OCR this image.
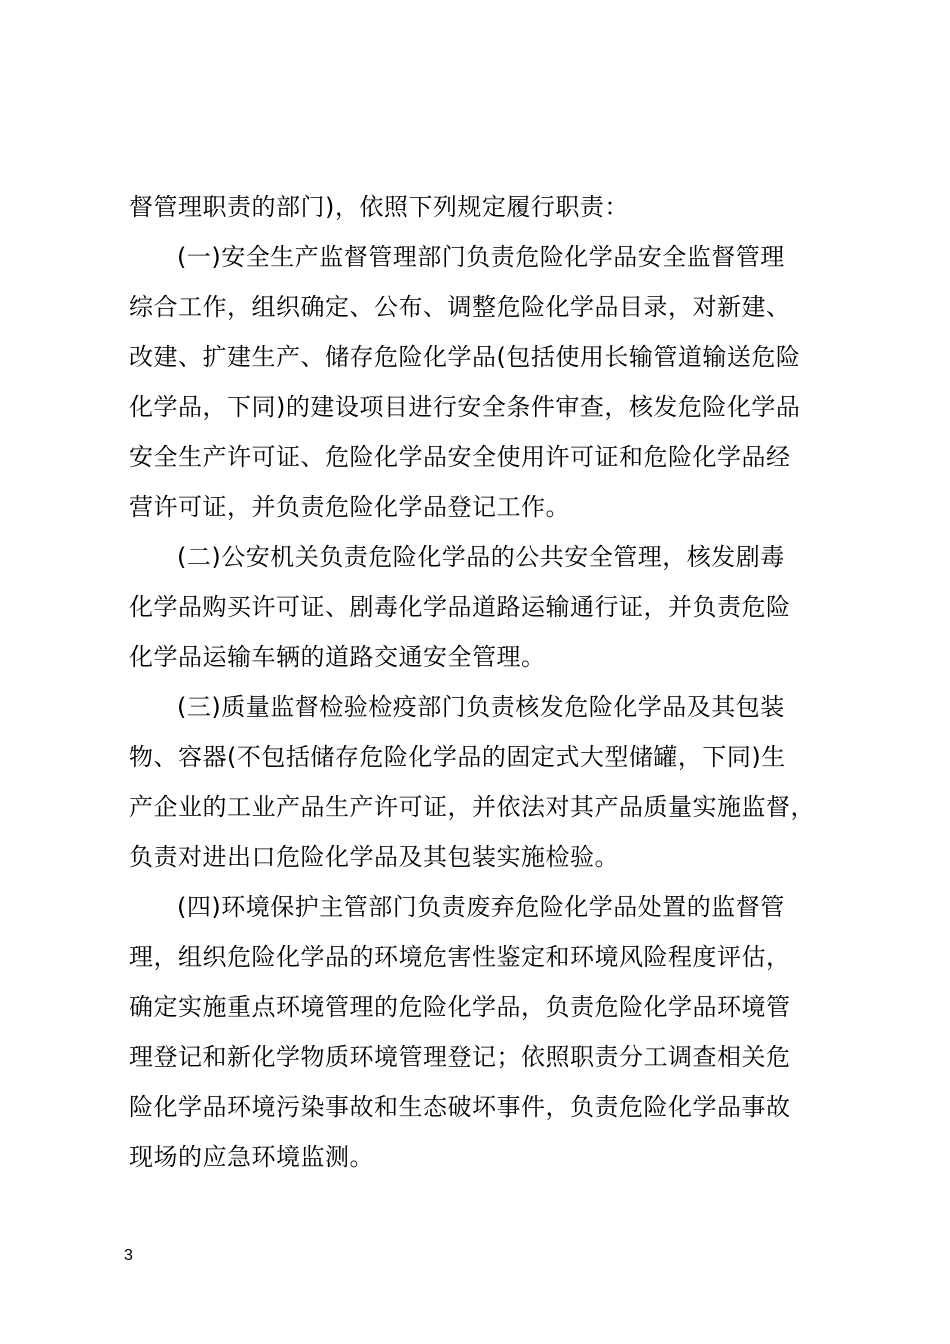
督管理职责的部门)，依照下列规定履行职责：
(一)安全生产监督管理部门负责危险化学品安全监督管理
综合工作，组织确定、公布、调整危险化学品目录，对新建、
改建、扩建生产、储存危险化学品(包括使用长输管道输送危险
化学品，下同)的建设项目进行安全条件审查，核发危险化学品
安全生产许可证、危险化学品安全使用许可证和危险化学品经
营许可证，并负责危险化学品登记工作。
(二)公安机关负责危险化学品的公共安全管理，核发剧毒
化学品购买许可证、剧毒化学品道路运输通行证，并负责危险
化学品运输车辆的道路交通安全管理。
(三)质量监督检验检疫部门负责核发危险化学品及其包装
物、容器(不包括储存危险化学品的固定式大型储罐，下同)生
产企业的工业产品生产许可证，并依法对其产品质量实施监督，
负责对进出口危险化学品及其包装实施检验。
(四)环境保护主管部门负责废弃危险化学品处置的监督管
理，组织危险化学品的环境危害性鉴定和环境风险程度评估，
确定实施重点环境管理的危险化学品，负责危险化学品环境管
理登记和新化学物质环境管理登记；依照职责分工调查相关危
险化学品环境污染事故和生态破坏事件，负责危险化学品事故
现场的应急环境监测。
3
